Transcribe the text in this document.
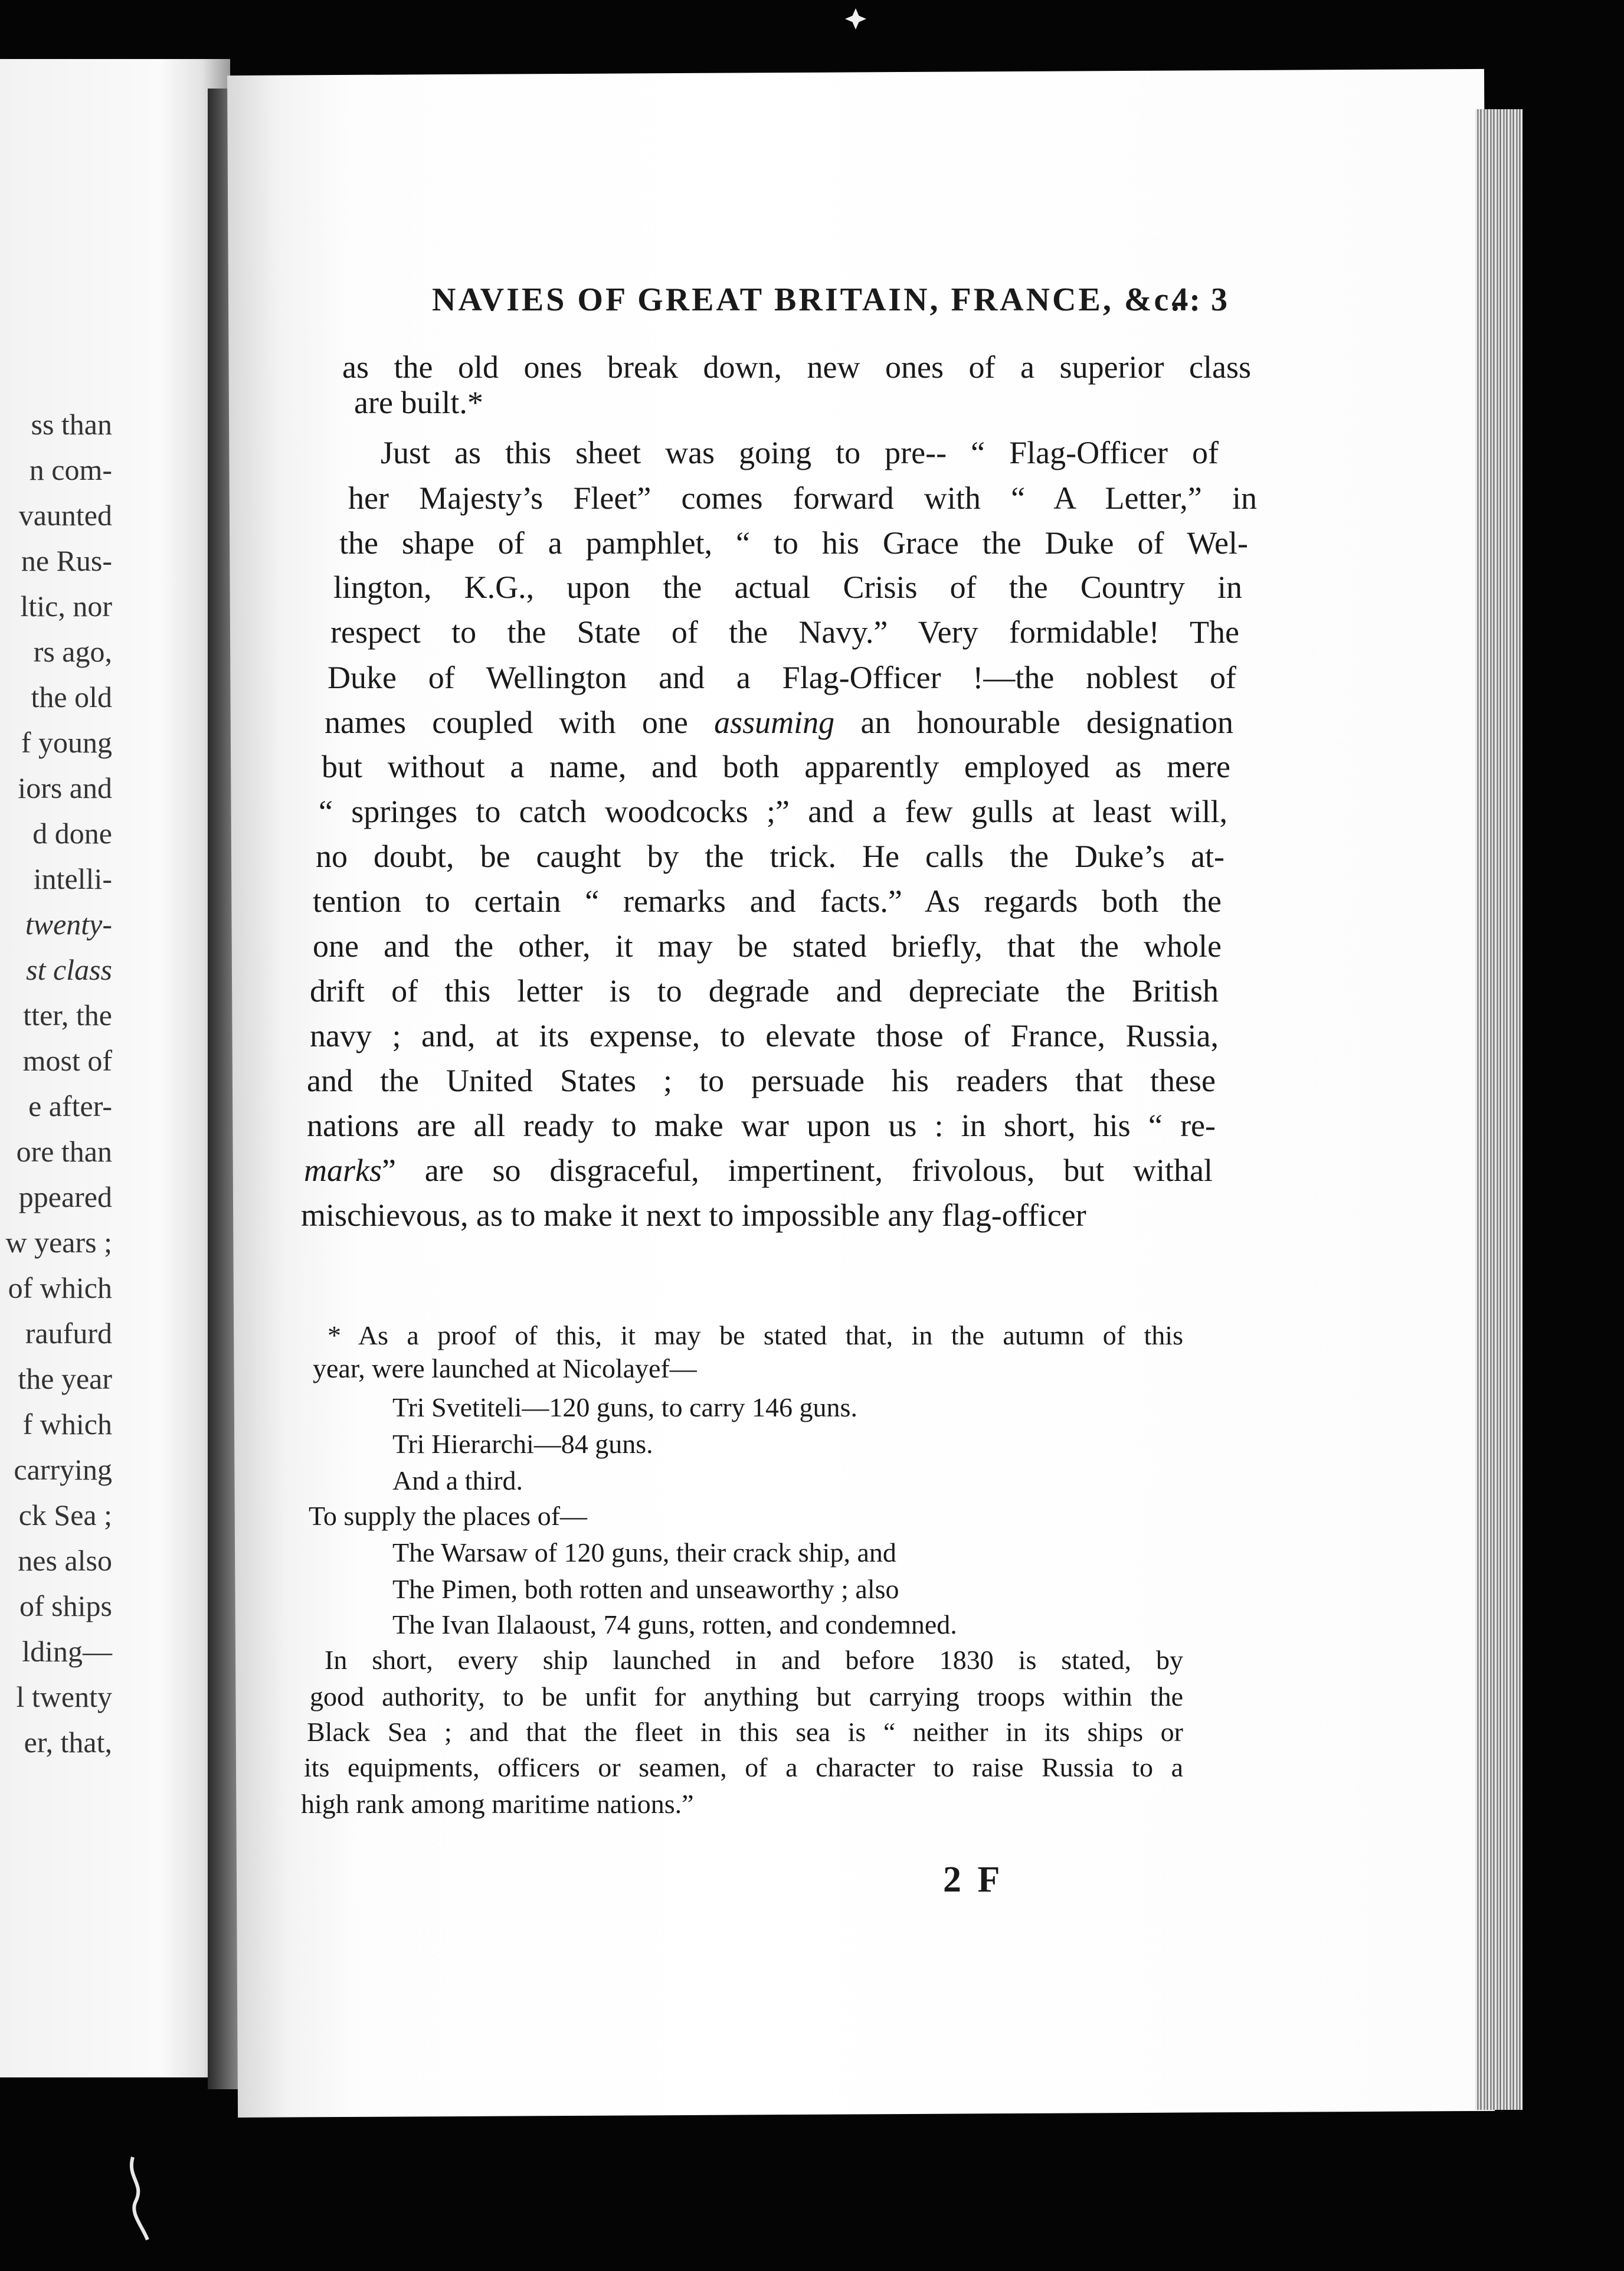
ss than
n com-
vaunted
ne Rus-
ltic, nor
rs ago,
the old
f young
iors and
d done
intelli-
twenty-
st class
tter, the
most of
e after-
ore than
ppeared
w years ;
of which
raufurd
the year
f which
carrying
ck Sea ;
nes also
of ships
lding—
l twenty
er, that,
NAVIES OF GREAT BRITAIN, FRANCE, &c.
4: 3
as the old ones break down, new ones of a superior class
are built.*
Just as this sheet was going to pre-- “ Flag-Officer of
her Majesty’s Fleet” comes forward with “ A Letter,” in
the shape of a pamphlet, “ to his Grace the Duke of Wel-
lington, K.G., upon the actual Crisis of the Country in
respect to the State of the Navy.” Very formidable! The
Duke of Wellington and a Flag-Officer !—the noblest of
names coupled with one assuming an honourable designation
but without a name, and both apparently employed as mere
“ springes to catch woodcocks ;” and a few gulls at least will,
no doubt, be caught by the trick. He calls the Duke’s at-
tention to certain “ remarks and facts.” As regards both the
one and the other, it may be stated briefly, that the whole
drift of this letter is to degrade and depreciate the British
navy ; and, at its expense, to elevate those of France, Russia,
and the United States ; to persuade his readers that these
nations are all ready to make war upon us : in short, his “ re-
marks” are so disgraceful, impertinent, frivolous, but withal
mischievous, as to make it next to impossible any flag-officer
* As a proof of this, it may be stated that, in the autumn of this
year, were launched at Nicolayef—
Tri Svetiteli—120 guns, to carry 146 guns.
Tri Hierarchi—84 guns.
And a third.
To supply the places of—
The Warsaw of 120 guns, their crack ship, and
The Pimen, both rotten and unseaworthy ; also
The Ivan Ilalaoust, 74 guns, rotten, and condemned.
In short, every ship launched in and before 1830 is stated, by
good authority, to be unfit for anything but carrying troops within the
Black Sea ; and that the fleet in this sea is “ neither in its ships or
its equipments, officers or seamen, of a character to raise Russia to a
high rank among maritime nations.”
2 F
